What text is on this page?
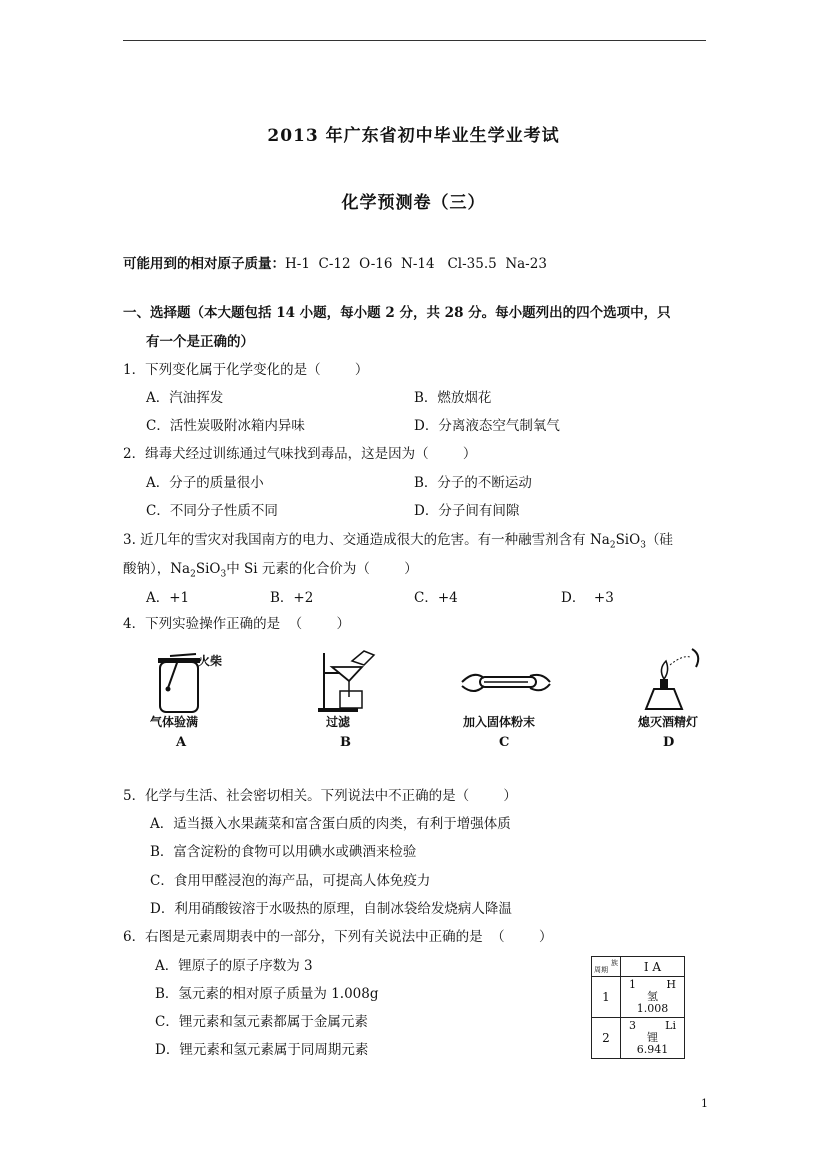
2013 年广东省初中毕业生学业考试
化学预测卷（三）
可能用到的相对原子质量：H-1  C-12  O-16  N-14   Cl-35.5  Na-23
一、选择题（本大题包括 14 小题，每小题 2 分，共 28 分。每小题列出的四个选项中，只
有一个是正确的）
1．下列变化属于化学变化的是（        ）
A．汽油挥发	B．燃放烟花
C．活性炭吸附冰箱内异味	D．分离液态空气制氧气
2．缉毒犬经过训练通过气味找到毒品，这是因为（        ）
A．分子的质量很小	B．分子的不断运动
C．不同分子性质不同	D．分子间有间隙
3. 近几年的雪灾对我国南方的电力、交通造成很大的危害。有一种融雪剂含有 $Na_2SiO_3$（硅
酸钠），$Na_2SiO_3$中 Si 元素的化合价为（        ）
A．+1	B．+2	C．+4	D．  +3
4．下列实验操作正确的是  （        ）
火柴
气体验满
A
过滤
B
加入固体粉末
C
熄灭酒精灯
D
5．化学与生活、社会密切相关。下列说法中不正确的是（        ）
A．适当摄入水果蔬菜和富含蛋白质的肉类，有利于增强体质
B．富含淀粉的食物可以用碘水或碘酒来检验
C．食用甲醛浸泡的海产品，可提高人体免疫力
D．利用硝酸铵溶于水吸热的原理，自制冰袋给发烧病人降温
6．右图是元素周期表中的一部分，下列有关说法中正确的是  （        ）
A．锂原子的原子序数为 3
B．氢元素的相对原子质量为 1.008g
C．锂元素和氢元素都属于金属元素
D．锂元素和氢元素属于同周期元素
族
周期	I A
1	1 H
氢
1.008

2	3 Li
锂
6.941
1
